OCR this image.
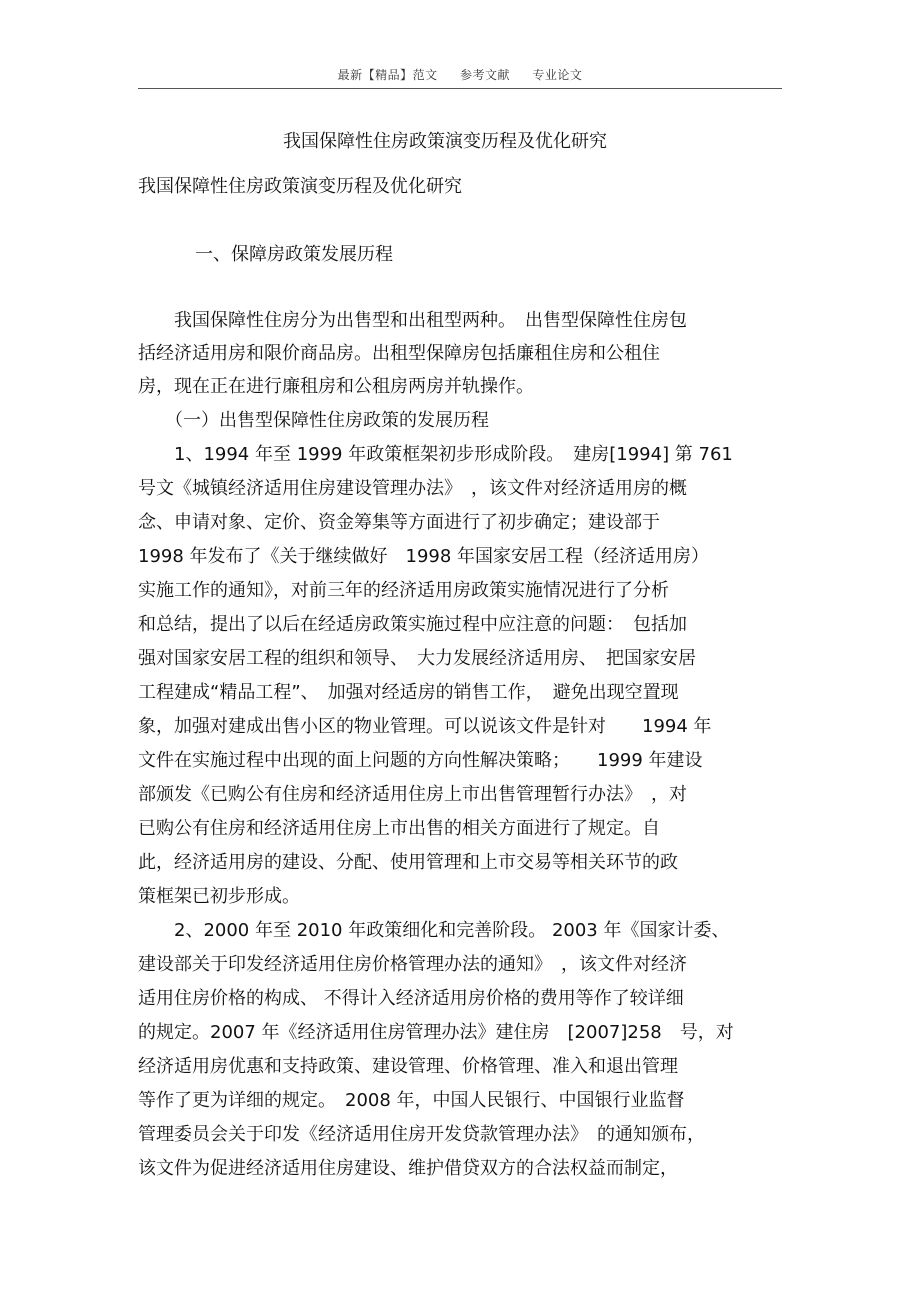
最新【精品】范文 参考文献 专业论文
我国保障性住房政策演变历程及优化研究
我国保障性住房政策演变历程及优化研究
一、保障房政策发展历程
　　我国保障性住房分为出售型和出租型两种。　出售型保障性住房包
括经济适用房和限价商品房。出租型保障房包括廉租住房和公租住
房，现在正在进行廉租房和公租房两房并轨操作。
　　（一）出售型保障性住房政策的发展历程
　　1、1994 年至 1999 年政策框架初步形成阶段。　建房[1994] 第 761
号文《城镇经济适用住房建设管理办法》　，该文件对经济适用房的概
念、申请对象、定价、资金筹集等方面进行了初步确定；建设部于
1998 年发布了《关于继续做好　1998 年国家安居工程（经济适用房）
实施工作的通知》，对前三年的经济适用房政策实施情况进行了分析
和总结，提出了以后在经适房政策实施过程中应注意的问题：　包括加
强对国家安居工程的组织和领导、　大力发展经济适用房、　把国家安居
工程建成“精品工程”、　加强对经适房的销售工作，　避免出现空置现
象，加强对建成出售小区的物业管理。可以说该文件是针对　　1994 年
文件在实施过程中出现的面上问题的方向性解决策略；　　1999 年建设
部颁发《已购公有住房和经济适用住房上市出售管理暂行办法》　，对
已购公有住房和经济适用住房上市出售的相关方面进行了规定。自
此，经济适用房的建设、分配、使用管理和上市交易等相关环节的政
策框架已初步形成。
　　2、2000 年至 2010 年政策细化和完善阶段。 2003 年《国家计委、
建设部关于印发经济适用住房价格管理办法的通知》　，该文件对经济
适用住房价格的构成、 不得计入经济适用房价格的费用等作了较详细
的规定。2007 年《经济适用住房管理办法》建住房　[2007]258　号，对
经济适用房优惠和支持政策、建设管理、价格管理、准入和退出管理
等作了更为详细的规定。　2008 年，中国人民银行、中国银行业监督
管理委员会关于印发《经济适用住房开发贷款管理办法》　的通知颁布，
该文件为促进经济适用住房建设、维护借贷双方的合法权益而制定，
